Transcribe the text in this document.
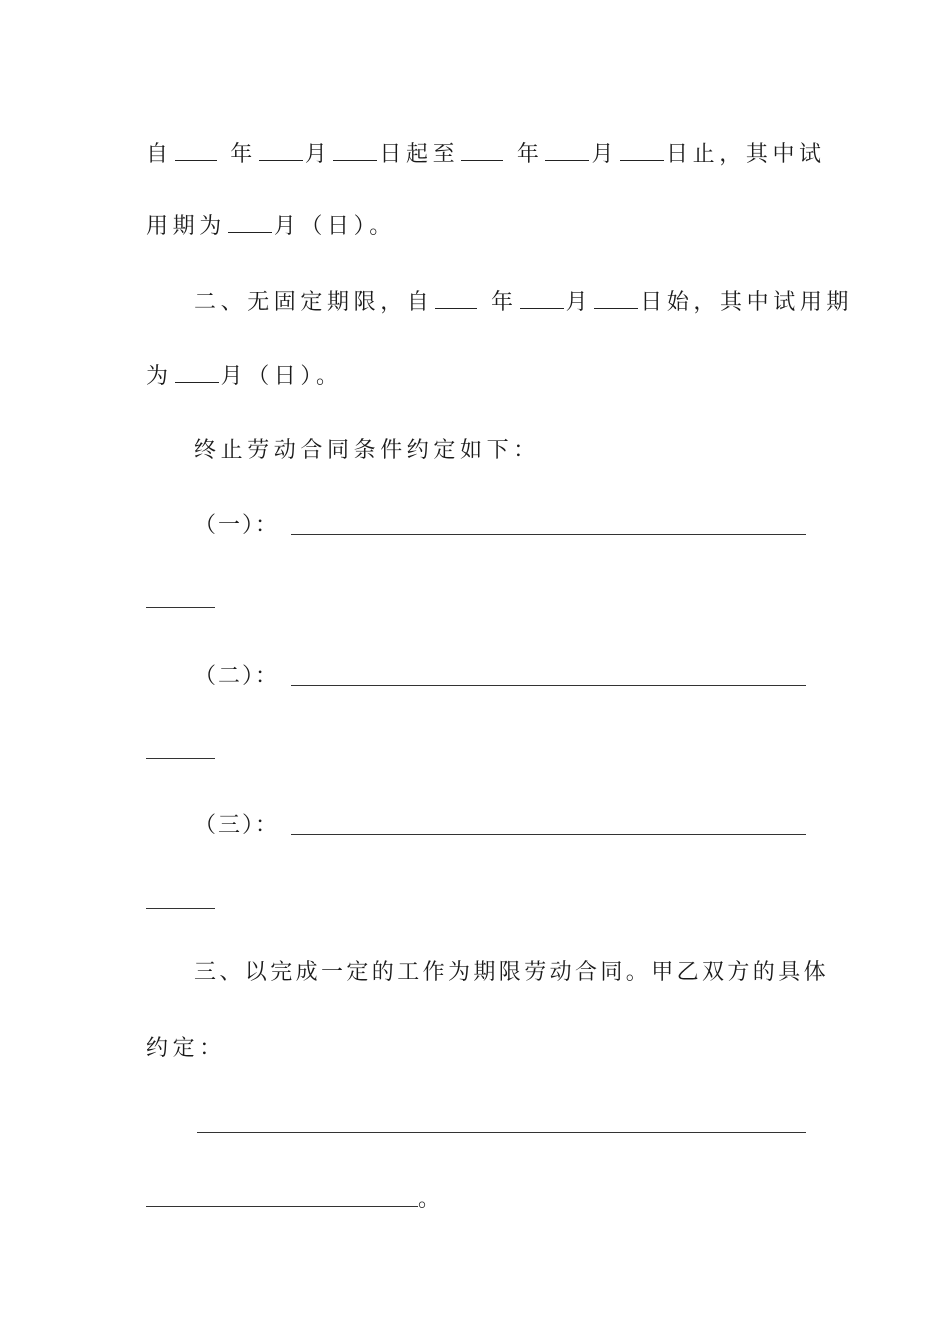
自	年 月 日起至	年 月 日止，其中试
用期为 月（日）。
二、无固定期限，自	年 月 日始，其中试用期
为 月（日）。
终止劳动合同条件约定如下：
（一）：
（二）：
（三）：
三、以完成一定的工作为期限劳动合同。甲乙双方的具体
约定：
。
